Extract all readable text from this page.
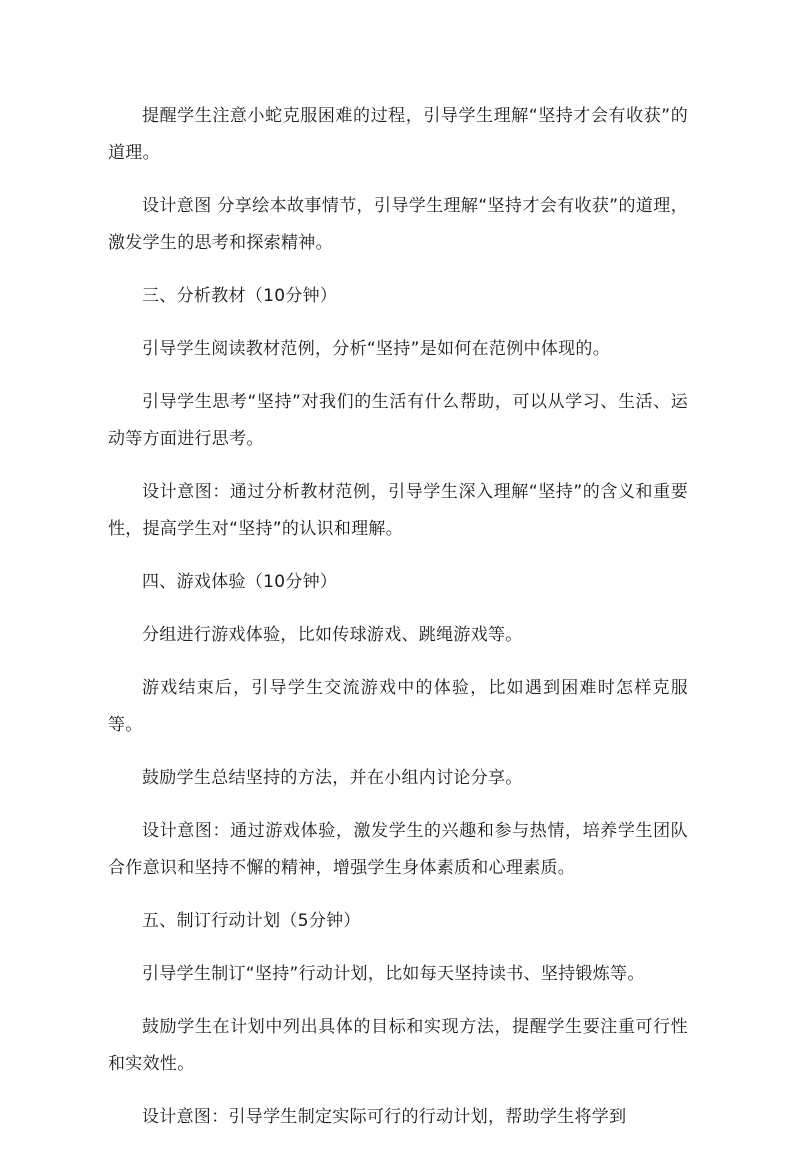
提醒学生注意小蛇克服困难的过程，引导学生理解“坚持才会有收获”的道理。

设计意图 分享绘本故事情节，引导学生理解“坚持才会有收获”的道理，激发学生的思考和探索精神。

三、分析教材（10分钟）

引导学生阅读教材范例，分析“坚持”是如何在范例中体现的。

引导学生思考“坚持”对我们的生活有什么帮助，可以从学习、生活、运动等方面进行思考。

设计意图：通过分析教材范例，引导学生深入理解“坚持”的含义和重要性，提高学生对“坚持”的认识和理解。

四、游戏体验（10分钟）

分组进行游戏体验，比如传球游戏、跳绳游戏等。

游戏结束后，引导学生交流游戏中的体验，比如遇到困难时怎样克服等。

鼓励学生总结坚持的方法，并在小组内讨论分享。

设计意图：通过游戏体验，激发学生的兴趣和参与热情，培养学生团队合作意识和坚持不懈的精神，增强学生身体素质和心理素质。

五、制订行动计划（5分钟）

引导学生制订“坚持”行动计划，比如每天坚持读书、坚持锻炼等。

鼓励学生在计划中列出具体的目标和实现方法，提醒学生要注重可行性和实效性。

设计意图：引导学生制定实际可行的行动计划，帮助学生将学到
